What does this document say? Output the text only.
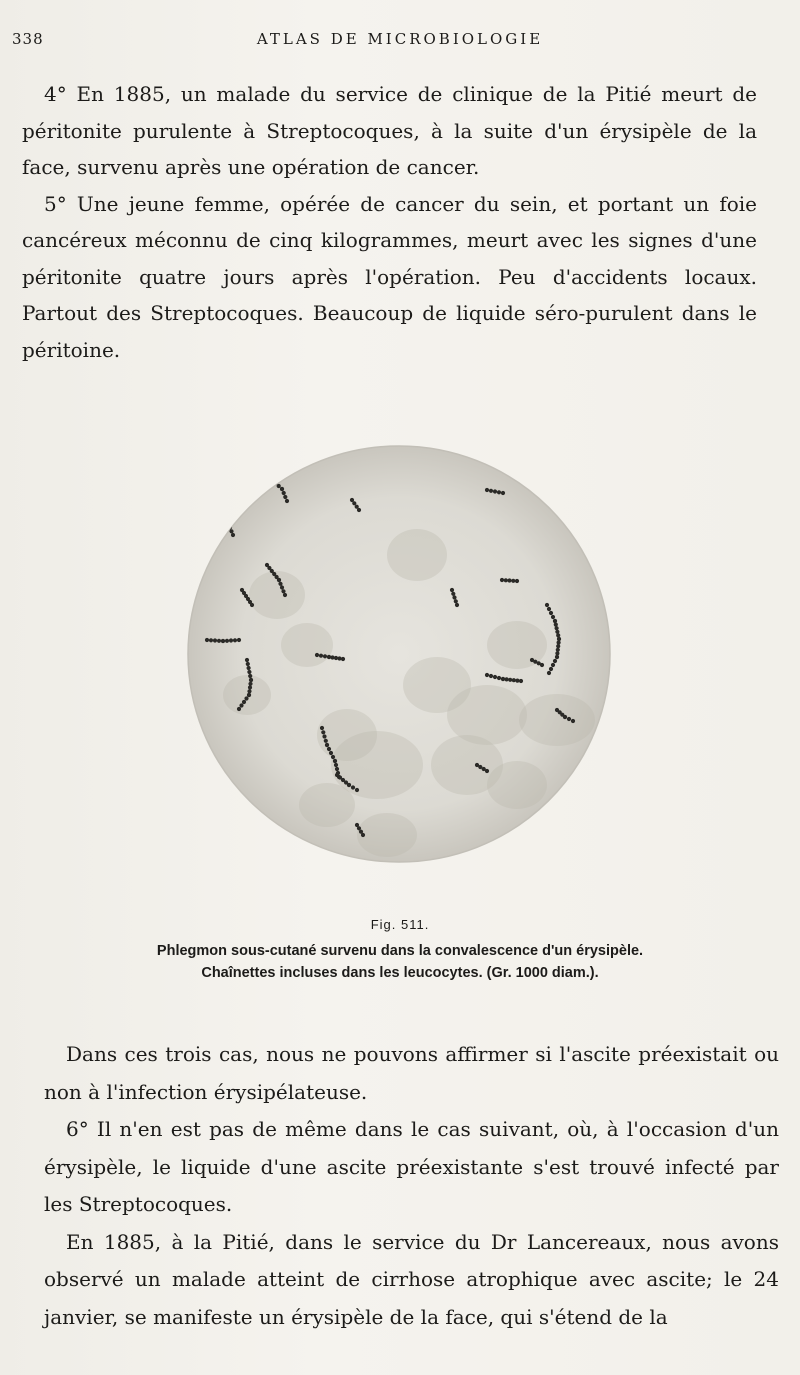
338	ATLAS DE MICROBIOLOGIE

4° En 1885, un malade du service de clinique de la Pitié meurt de péritonite purulente à Streptocoques, à la suite d'un érysipèle de la face, survenu après une opération de cancer.

5° Une jeune femme, opérée de cancer du sein, et portant un foie cancéreux méconnu de cinq kilogrammes, meurt avec les signes d'une péritonite quatre jours après l'opération. Peu d'accidents locaux. Partout des Streptocoques. Beaucoup de liquide séro-purulent dans le péritoine.

Fig. 511.

Phlegmon sous-cutané survenu dans la convalescence d'un érysipèle.

Chaînettes incluses dans les leucocytes. (Gr. 1000 diam.).

Dans ces trois cas, nous ne pouvons affirmer si l'ascite préexistait ou non à l'infection érysipélateuse.

6° Il n'en est pas de même dans le cas suivant, où, à l'occasion d'un érysipèle, le liquide d'une ascite préexistante s'est trouvé infecté par les Streptocoques.

En 1885, à la Pitié, dans le service du Dr Lancereaux, nous avons observé un malade atteint de cirrhose atrophique avec ascite; le 24 janvier, se manifeste un érysipèle de la face, qui s'étend de la
